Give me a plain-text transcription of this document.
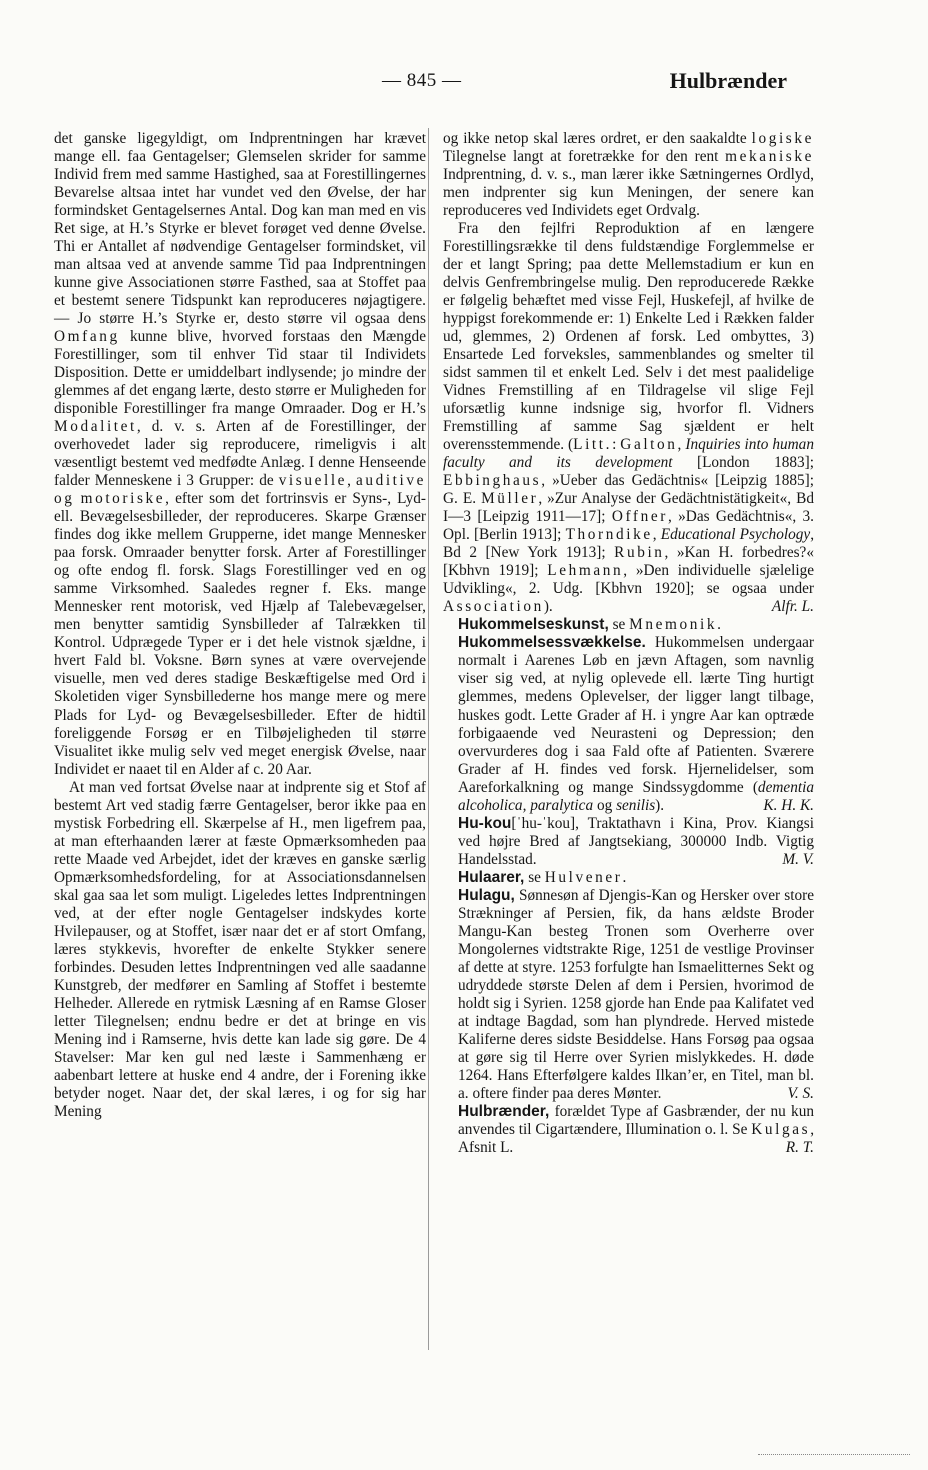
— 845 —	Hulbrænder

det ganske ligegyldigt, om Indprentningen har krævet mange ell. faa Gentagelser; Glemselen skrider for samme Individ frem med samme Hastighed, saa at Forestillingernes Bevarelse altsaa intet har vundet ved den Øvelse, der har formindsket Gentagelsernes Antal. Dog kan man med en vis Ret sige, at H.’s Styrke er blevet forøget ved denne Øvelse. Thi er Antallet af nødvendige Gentagelser formindsket, vil man altsaa ved at anvende samme Tid paa Indprentningen kunne give Associationen større Fasthed, saa at Stoffet paa et bestemt senere Tidspunkt kan reproduceres nøjagtigere. — Jo større H.’s Styrke er, desto større vil ogsaa dens Omfang kunne blive, hvorved forstaas den Mængde Forestillinger, som til enhver Tid staar til Individets Disposition. Dette er umiddelbart indlysende; jo mindre der glemmes af det engang lærte, desto større er Muligheden for disponible Forestillinger fra mange Omraader. Dog er H.’s Modalitet, d. v. s. Arten af de Forestillinger, der overhovedet lader sig reproducere, rimeligvis i alt væsentligt bestemt ved medfødte Anlæg. I denne Henseende falder Menneskene i 3 Grupper: de visuelle, auditive og motoriske, efter som det fortrinsvis er Syns-, Lyd- ell. Bevægelsesbilleder, der reproduceres. Skarpe Grænser findes dog ikke mellem Grupperne, idet mange Mennesker paa forsk. Omraader benytter forsk. Arter af Forestillinger og ofte endog fl. forsk. Slags Forestillinger ved en og samme Virksomhed. Saaledes regner f. Eks. mange Mennesker rent motorisk, ved Hjælp af Talebevægelser, men benytter samtidig Synsbilleder af Talrækken til Kontrol. Udprægede Typer er i det hele vistnok sjældne, i hvert Fald bl. Voksne. Børn synes at være overvejende visuelle, men ved deres stadige Beskæftigelse med Ord i Skoletiden viger Synsbillederne hos mange mere og mere Plads for Lyd- og Bevægelsesbilleder. Efter de hidtil foreliggende Forsøg er en Tilbøjeligheden til større Visualitet ikke mulig selv ved meget energisk Øvelse, naar Individet er naaet til en Alder af c. 20 Aar.

At man ved fortsat Øvelse naar at indprente sig et Stof af bestemt Art ved stadig færre Gentagelser, beror ikke paa en mystisk Forbedring ell. Skærpelse af H., men ligefrem paa, at man efterhaanden lærer at fæste Opmærksomheden paa rette Maade ved Arbejdet, idet der kræves en ganske særlig Opmærksomhedsfordeling, for at Associationsdannelsen skal gaa saa let som muligt. Ligeledes lettes Indprentningen ved, at der efter nogle Gentagelser indskydes korte Hvilepauser, og at Stoffet, især naar det er af stort Omfang, læres stykkevis, hvorefter de enkelte Stykker senere forbindes. Desuden lettes Indprentningen ved alle saadanne Kunstgreb, der medfører en Samling af Stoffet i bestemte Helheder. Allerede en rytmisk Læsning af en Ramse Gloser letter Tilegnelsen; endnu bedre er det at bringe en vis Mening ind i Ramserne, hvis dette kan lade sig gøre. De 4 Stavelser: Mar ken gul ned læste i Sammenhæng er aabenbart lettere at huske end 4 andre, der i Forening ikke betyder noget. Naar det, der skal læres, i og for sig har Mening

og ikke netop skal læres ordret, er den saakaldte logiske Tilegnelse langt at foretrække for den rent mekaniske Indprentning, d. v. s., man lærer ikke Sætningernes Ordlyd, men indprenter sig kun Meningen, der senere kan reproduceres ved Individets eget Ordvalg.

Fra den fejlfri Reproduktion af en længere Forestillingsrække til dens fuldstændige Forglemmelse er der et langt Spring; paa dette Mellemstadium er kun en delvis Genfrembringelse mulig. Den reproducerede Række er følgelig behæftet med visse Fejl, Huskefejl, af hvilke de hyppigst forekommende er: 1) Enkelte Led i Rækken falder ud, glemmes, 2) Ordenen af forsk. Led ombyttes, 3) Ensartede Led forveksles, sammenblandes og smelter til sidst sammen til et enkelt Led. Selv i det mest paalidelige Vidnes Fremstilling af en Tildragelse vil slige Fejl uforsætlig kunne indsnige sig, hvorfor fl. Vidners Fremstilling af samme Sag sjældent er helt overensstemmende. (Litt.: Galton, Inquiries into human faculty and its development [London 1883]; Ebbinghaus, »Ueber das Gedächtnis« [Leipzig 1885]; G. E. Müller, »Zur Analyse der Gedächtnistätigkeit«, Bd I—3 [Leipzig 1911—17]; Offner, »Das Gedächtnis«, 3. Opl. [Berlin 1913]; Thorndike, Educational Psychology, Bd 2 [New York 1913]; Rubin, »Kan H. forbedres?« [Kbhvn 1919]; Lehmann, »Den individuelle sjælelige Udvikling«, 2. Udg. [Kbhvn 1920]; se ogsaa under Association).	Alfr. L.

Hukommelseskunst, se Mnemonik.

Hukommelsessvækkelse. Hukommelsen undergaar normalt i Aarenes Løb en jævn Aftagen, som navnlig viser sig ved, at nylig oplevede ell. lærte Ting hurtigt glemmes, medens Oplevelser, der ligger langt tilbage, huskes godt. Lette Grader af H. i yngre Aar kan optræde forbigaaende ved Neurasteni og Depression; den overvurderes dog i saa Fald ofte af Patienten. Sværere Grader af H. findes ved forsk. Hjernelidelser, som Aareforkalkning og mange Sindssygdomme (dementia alcoholica, paralytica og senilis).	K. H. K.

Hu-kou[ˈhu-ˈkou], Traktathavn i Kina, Prov. Kiangsi ved højre Bred af Jangtsekiang, 300000 Indb. Vigtig Handelsstad.	M. V.

Hulaarer, se Hulvener.

Hulagu, Sønnesøn af Djengis-Kan og Hersker over store Strækninger af Persien, fik, da hans ældste Broder Mangu-Kan besteg Tronen som Overherre over Mongolernes vidtstrakte Rige, 1251 de vestlige Provinser af dette at styre. 1253 forfulgte han Ismaelitternes Sekt og udryddede største Delen af dem i Persien, hvorimod de holdt sig i Syrien. 1258 gjorde han Ende paa Kalifatet ved at indtage Bagdad, som han plyndrede. Herved mistede Kaliferne deres sidste Besiddelse. Hans Forsøg paa ogsaa at gøre sig til Herre over Syrien mislykkedes. H. døde 1264. Hans Efterfølgere kaldes Ilkan’er, en Titel, man bl. a. oftere finder paa deres Mønter.	V. S.

Hulbrænder, forældet Type af Gasbrænder, der nu kun anvendes til Cigartændere, Illumination o. l. Se Kulgas, Afsnit L.	R. T.
